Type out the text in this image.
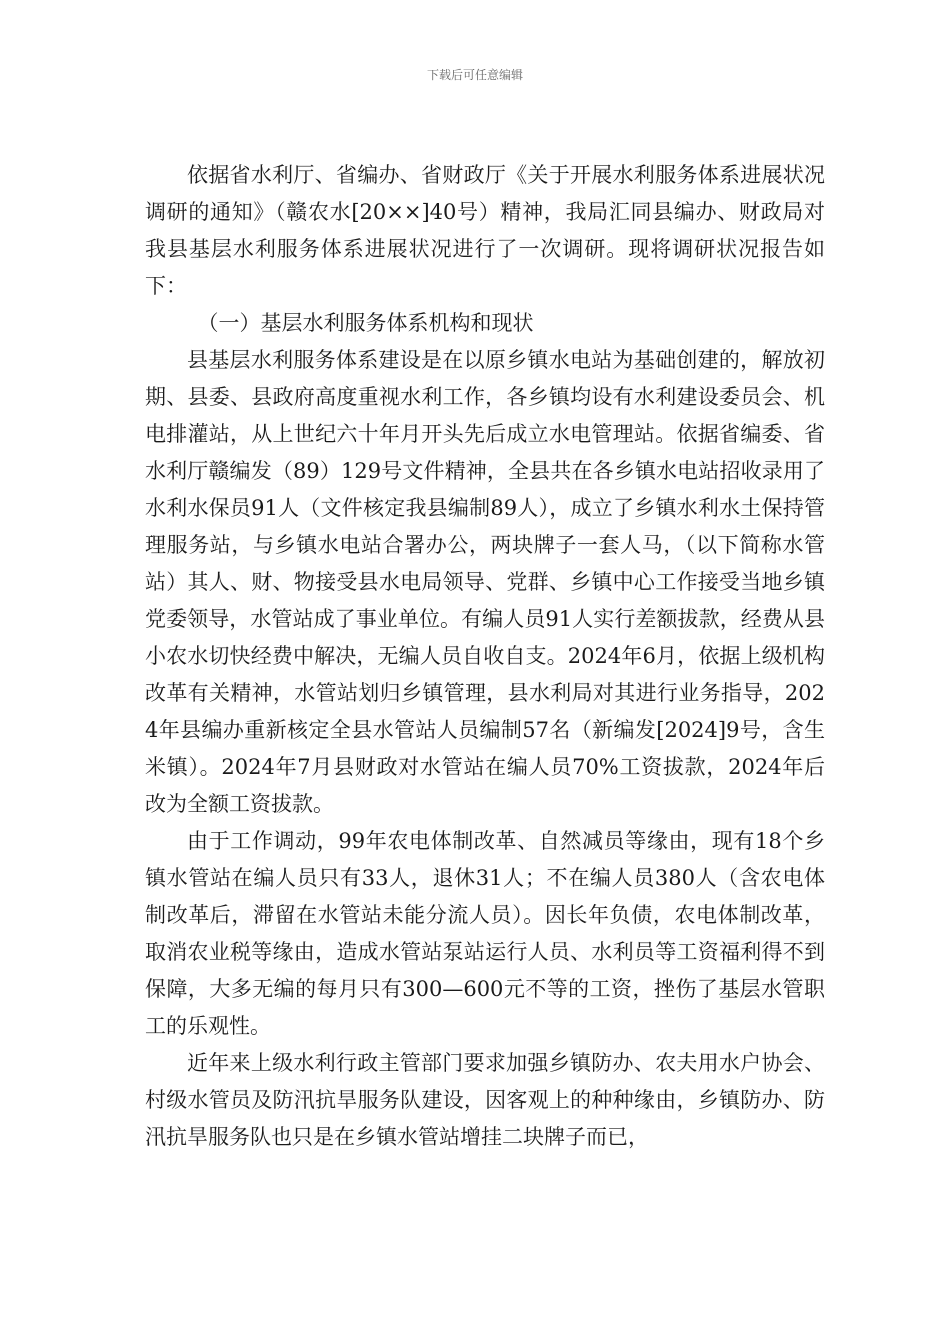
下载后可任意编辑

依据省水利厅、省编办、省财政厅《关于开展水利服务体系进展状况调研的通知》（赣农水[20××]40号）精神，我局汇同县编办、财政局对我县基层水利服务体系进展状况进行了一次调研。现将调研状况报告如下：

（一）基层水利服务体系机构和现状

县基层水利服务体系建设是在以原乡镇水电站为基础创建的，解放初期、县委、县政府高度重视水利工作，各乡镇均设有水利建设委员会、机电排灌站，从上世纪六十年月开头先后成立水电管理站。依据省编委、省水利厅赣编发（89）129号文件精神，全县共在各乡镇水电站招收录用了水利水保员91人（文件核定我县编制89人），成立了乡镇水利水土保持管理服务站，与乡镇水电站合署办公，两块牌子一套人马，（以下简称水管站）其人、财、物接受县水电局领导、党群、乡镇中心工作接受当地乡镇党委领导，水管站成了事业单位。有编人员91人实行差额拔款，经费从县小农水切快经费中解决，无编人员自收自支。2024年6月，依据上级机构改革有关精神，水管站划归乡镇管理，县水利局对其进行业务指导，2024年县编办重新核定全县水管站人员编制57名（新编发[2024]9号，含生米镇）。2024年7月县财政对水管站在编人员70%工资拔款，2024年后改为全额工资拔款。

由于工作调动，99年农电体制改革、自然减员等缘由，现有18个乡镇水管站在编人员只有33人，退休31人；不在编人员380人（含农电体制改革后，滞留在水管站未能分流人员）。因长年负债，农电体制改革，取消农业税等缘由，造成水管站泵站运行人员、水利员等工资福利得不到保障，大多无编的每月只有300—600元不等的工资，挫伤了基层水管职工的乐观性。

近年来上级水利行政主管部门要求加强乡镇防办、农夫用水户协会、村级水管员及防汛抗旱服务队建设，因客观上的种种缘由，乡镇防办、防汛抗旱服务队也只是在乡镇水管站增挂二块牌子而已，
